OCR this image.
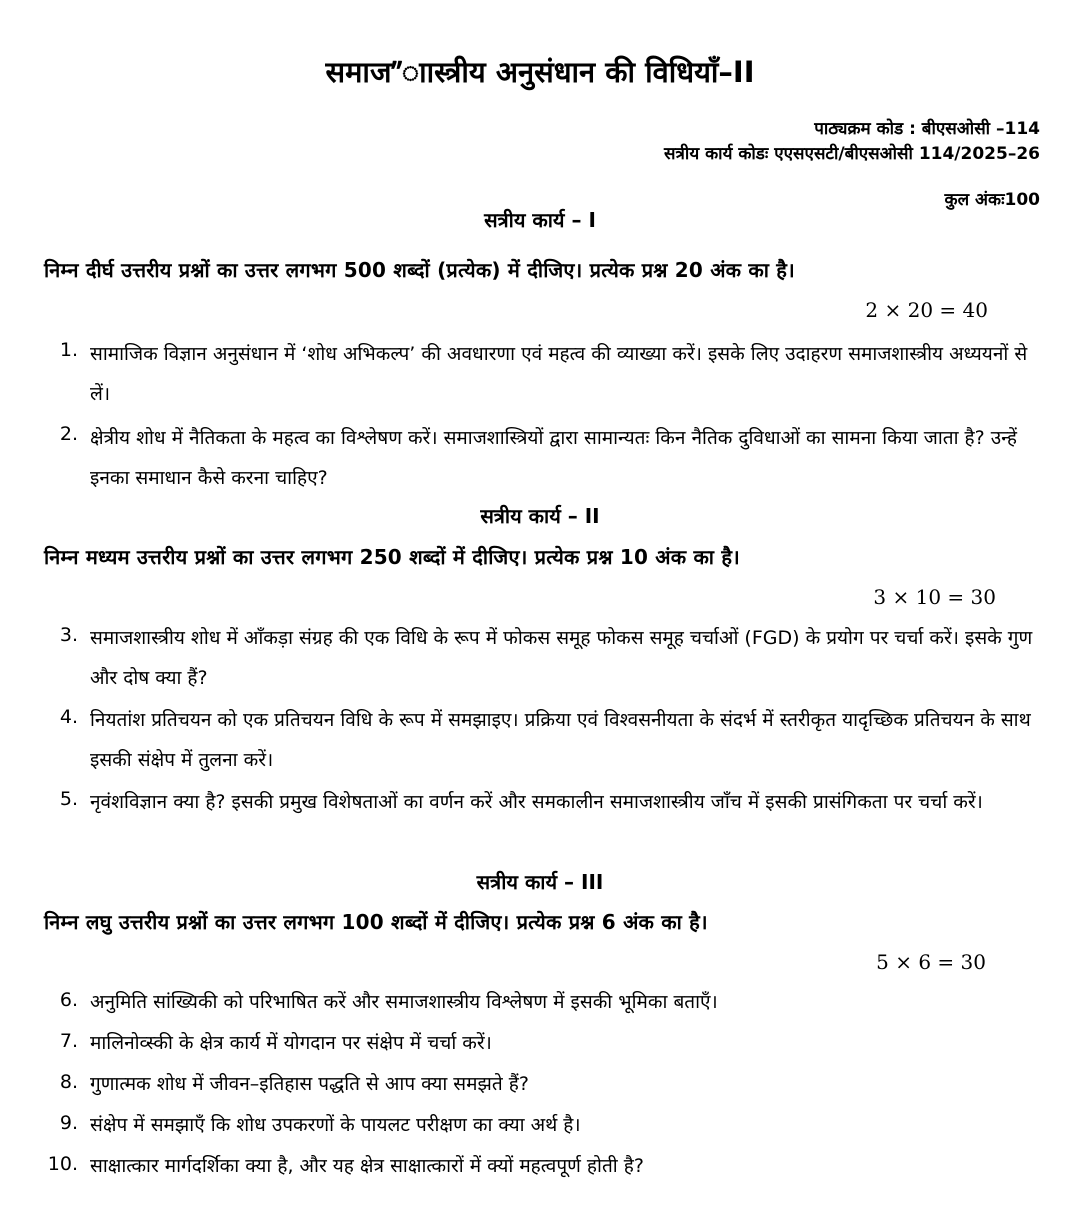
समाज”ाास्त्रीय अनुसंधान की विधियाँ–II
पाठ्यक्रम कोड : बीएसओसी –114
सत्रीय कार्य कोडः एएसएसटी/बीएसओसी 114/2025–26
कुल अंकः100
सत्रीय कार्य – I
निम्न दीर्घ उत्तरीय प्रश्नों का उत्तर लगभग 500 शब्दों (प्रत्येक) में दीजिए। प्रत्येक प्रश्न 20 अंक का है।
2 × 20 = 40
1. सामाजिक विज्ञान अनुसंधान में ‘शोध अभिकल्प’ की अवधारणा एवं महत्व की व्याख्या करें। इसके लिए उदाहरण समाजशास्त्रीय अध्ययनों से लें।
2. क्षेत्रीय शोध में नैतिकता के महत्व का विश्लेषण करें। समाजशास्त्रियों द्वारा सामान्यतः किन नैतिक दुविधाओं का सामना किया जाता है? उन्हें इनका समाधान कैसे करना चाहिए?
सत्रीय कार्य – II
निम्न मध्यम उत्तरीय प्रश्नों का उत्तर लगभग 250 शब्दों में दीजिए। प्रत्येक प्रश्न 10 अंक का है।
3 × 10 = 30
3. समाजशास्त्रीय शोध में आँकड़ा संग्रह की एक विधि के रूप में फोकस समूह फोकस समूह चर्चाओं (FGD) के प्रयोग पर चर्चा करें। इसके गुण और दोष क्या हैं?
4. नियतांश प्रतिचयन को एक प्रतिचयन विधि के रूप में समझाइए। प्रक्रिया एवं विश्वसनीयता के संदर्भ में स्तरीकृत यादृच्छिक प्रतिचयन के साथ इसकी संक्षेप में तुलना करें।
5. नृवंशविज्ञान क्या है? इसकी प्रमुख विशेषताओं का वर्णन करें और समकालीन समाजशास्त्रीय जाँच में इसकी प्रासंगिकता पर चर्चा करें।
सत्रीय कार्य – III
निम्न लघु उत्तरीय प्रश्नों का उत्तर लगभग 100 शब्दों में दीजिए। प्रत्येक प्रश्न 6 अंक का है।
5 × 6 = 30
6. अनुमिति सांख्यिकी को परिभाषित करें और समाजशास्त्रीय विश्लेषण में इसकी भूमिका बताएँ।
7. मालिनोव्स्की के क्षेत्र कार्य में योगदान पर संक्षेप में चर्चा करें।
8. गुणात्मक शोध में जीवन–इतिहास पद्धति से आप क्या समझते हैं?
9. संक्षेप में समझाएँ कि शोध उपकरणों के पायलट परीक्षण का क्या अर्थ है।
10. साक्षात्कार मार्गदर्शिका क्या है, और यह क्षेत्र साक्षात्कारों में क्यों महत्वपूर्ण होती है?
